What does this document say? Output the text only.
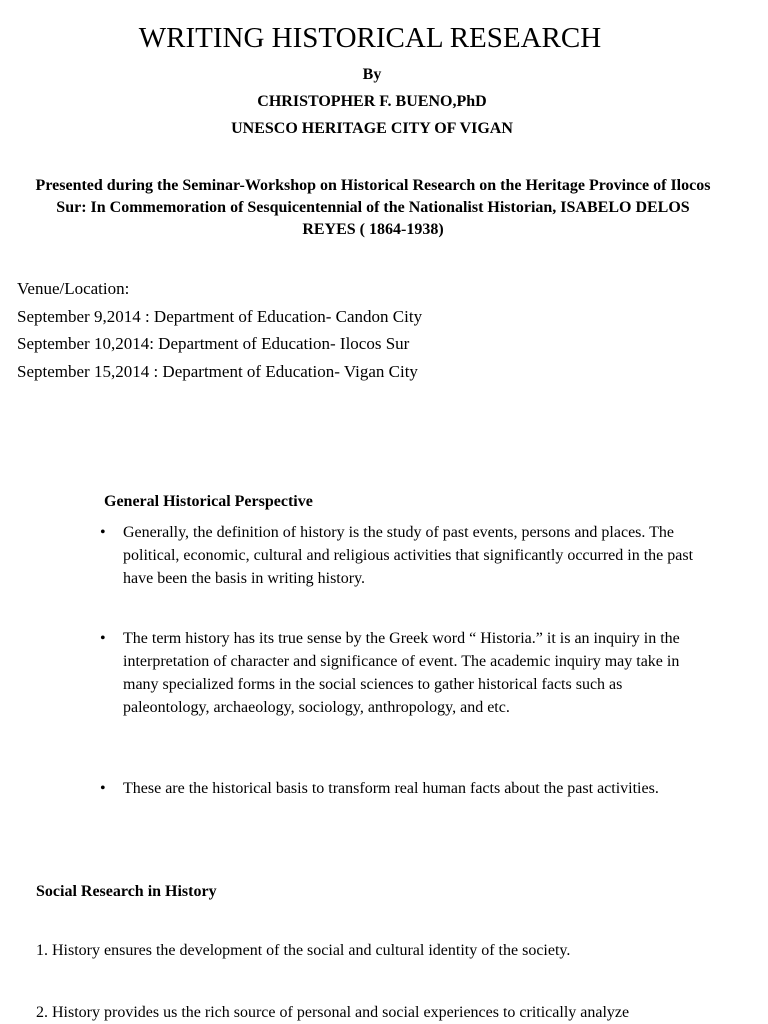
WRITING HISTORICAL RESEARCH
By
CHRISTOPHER F. BUENO,PhD
UNESCO HERITAGE CITY OF VIGAN
Presented during the Seminar-Workshop on Historical Research on the Heritage Province of Ilocos Sur: In Commemoration of Sesquicentennial of the Nationalist Historian, ISABELO DELOS REYES ( 1864-1938)
Venue/Location:
September 9,2014 : Department of Education- Candon City
September 10,2014: Department of Education- Ilocos Sur
September 15,2014 : Department of Education- Vigan City
General Historical Perspective
•	Generally, the definition of history is the study of past events, persons and places. The political, economic, cultural and religious activities that significantly occurred in the past have been the basis in writing history.
•	The term history has its true sense by the Greek word “ Historia.” it is an inquiry in the interpretation of character and significance of event. The academic inquiry may take in many specialized forms in the social sciences to gather historical facts such as paleontology, archaeology, sociology, anthropology, and etc.
•	These are the historical basis to transform real human facts about the past activities.
Social Research in History
1. History ensures the development of the social and cultural identity of the society.
2. History provides us the rich source of personal and social experiences to critically analyze
